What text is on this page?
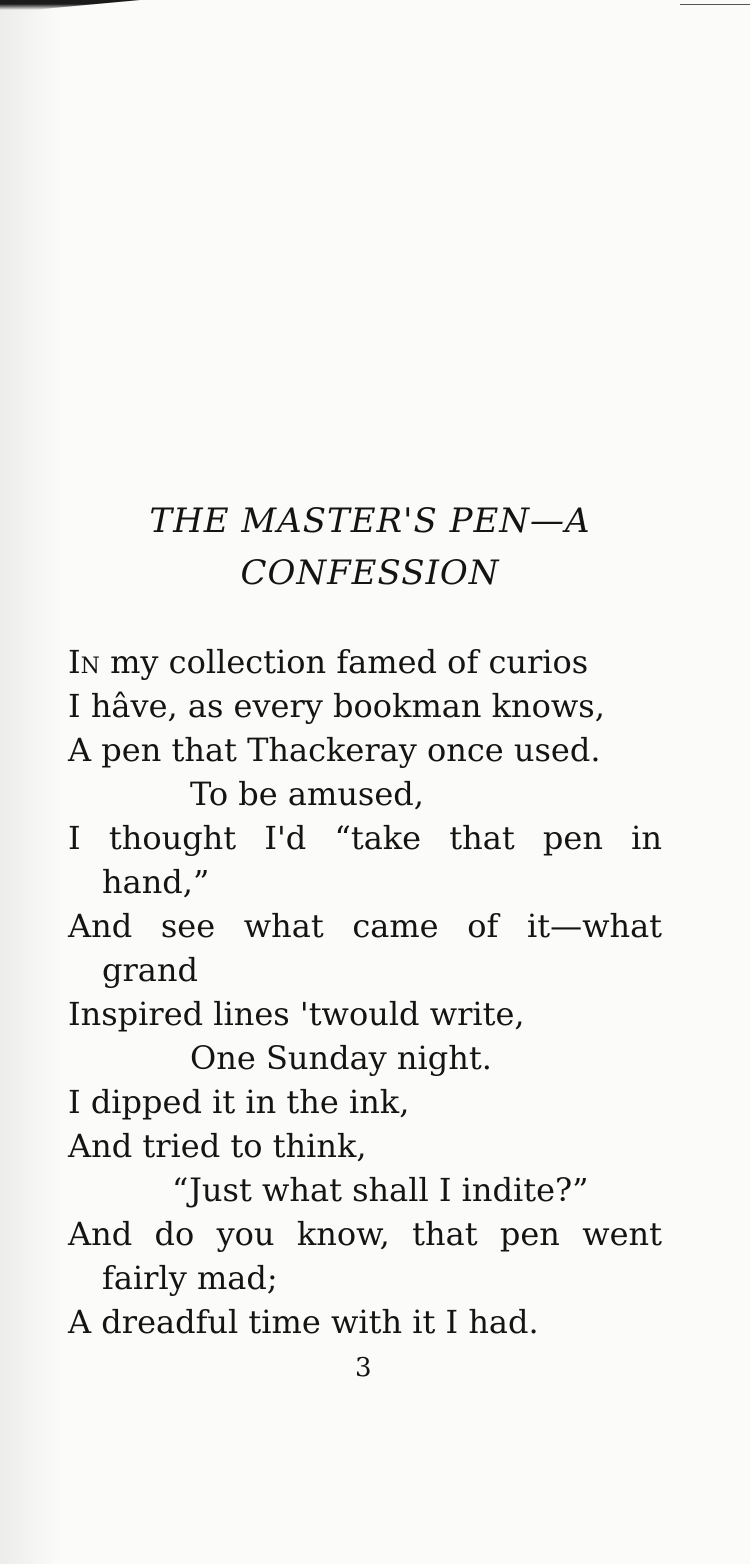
THE MASTER'S PEN—A
CONFESSION
In my collection famed of curios
I hâve, as every bookman knows,
A pen that Thackeray once used.
To be amused,
I thought I'd “take that pen in
hand,”
And see what came of it—what
grand
Inspired lines 'twould write,
One Sunday night.
I dipped it in the ink,
And tried to think,
“Just what shall I indite?”
And do you know, that pen went
fairly mad;
A dreadful time with it I had.
3
